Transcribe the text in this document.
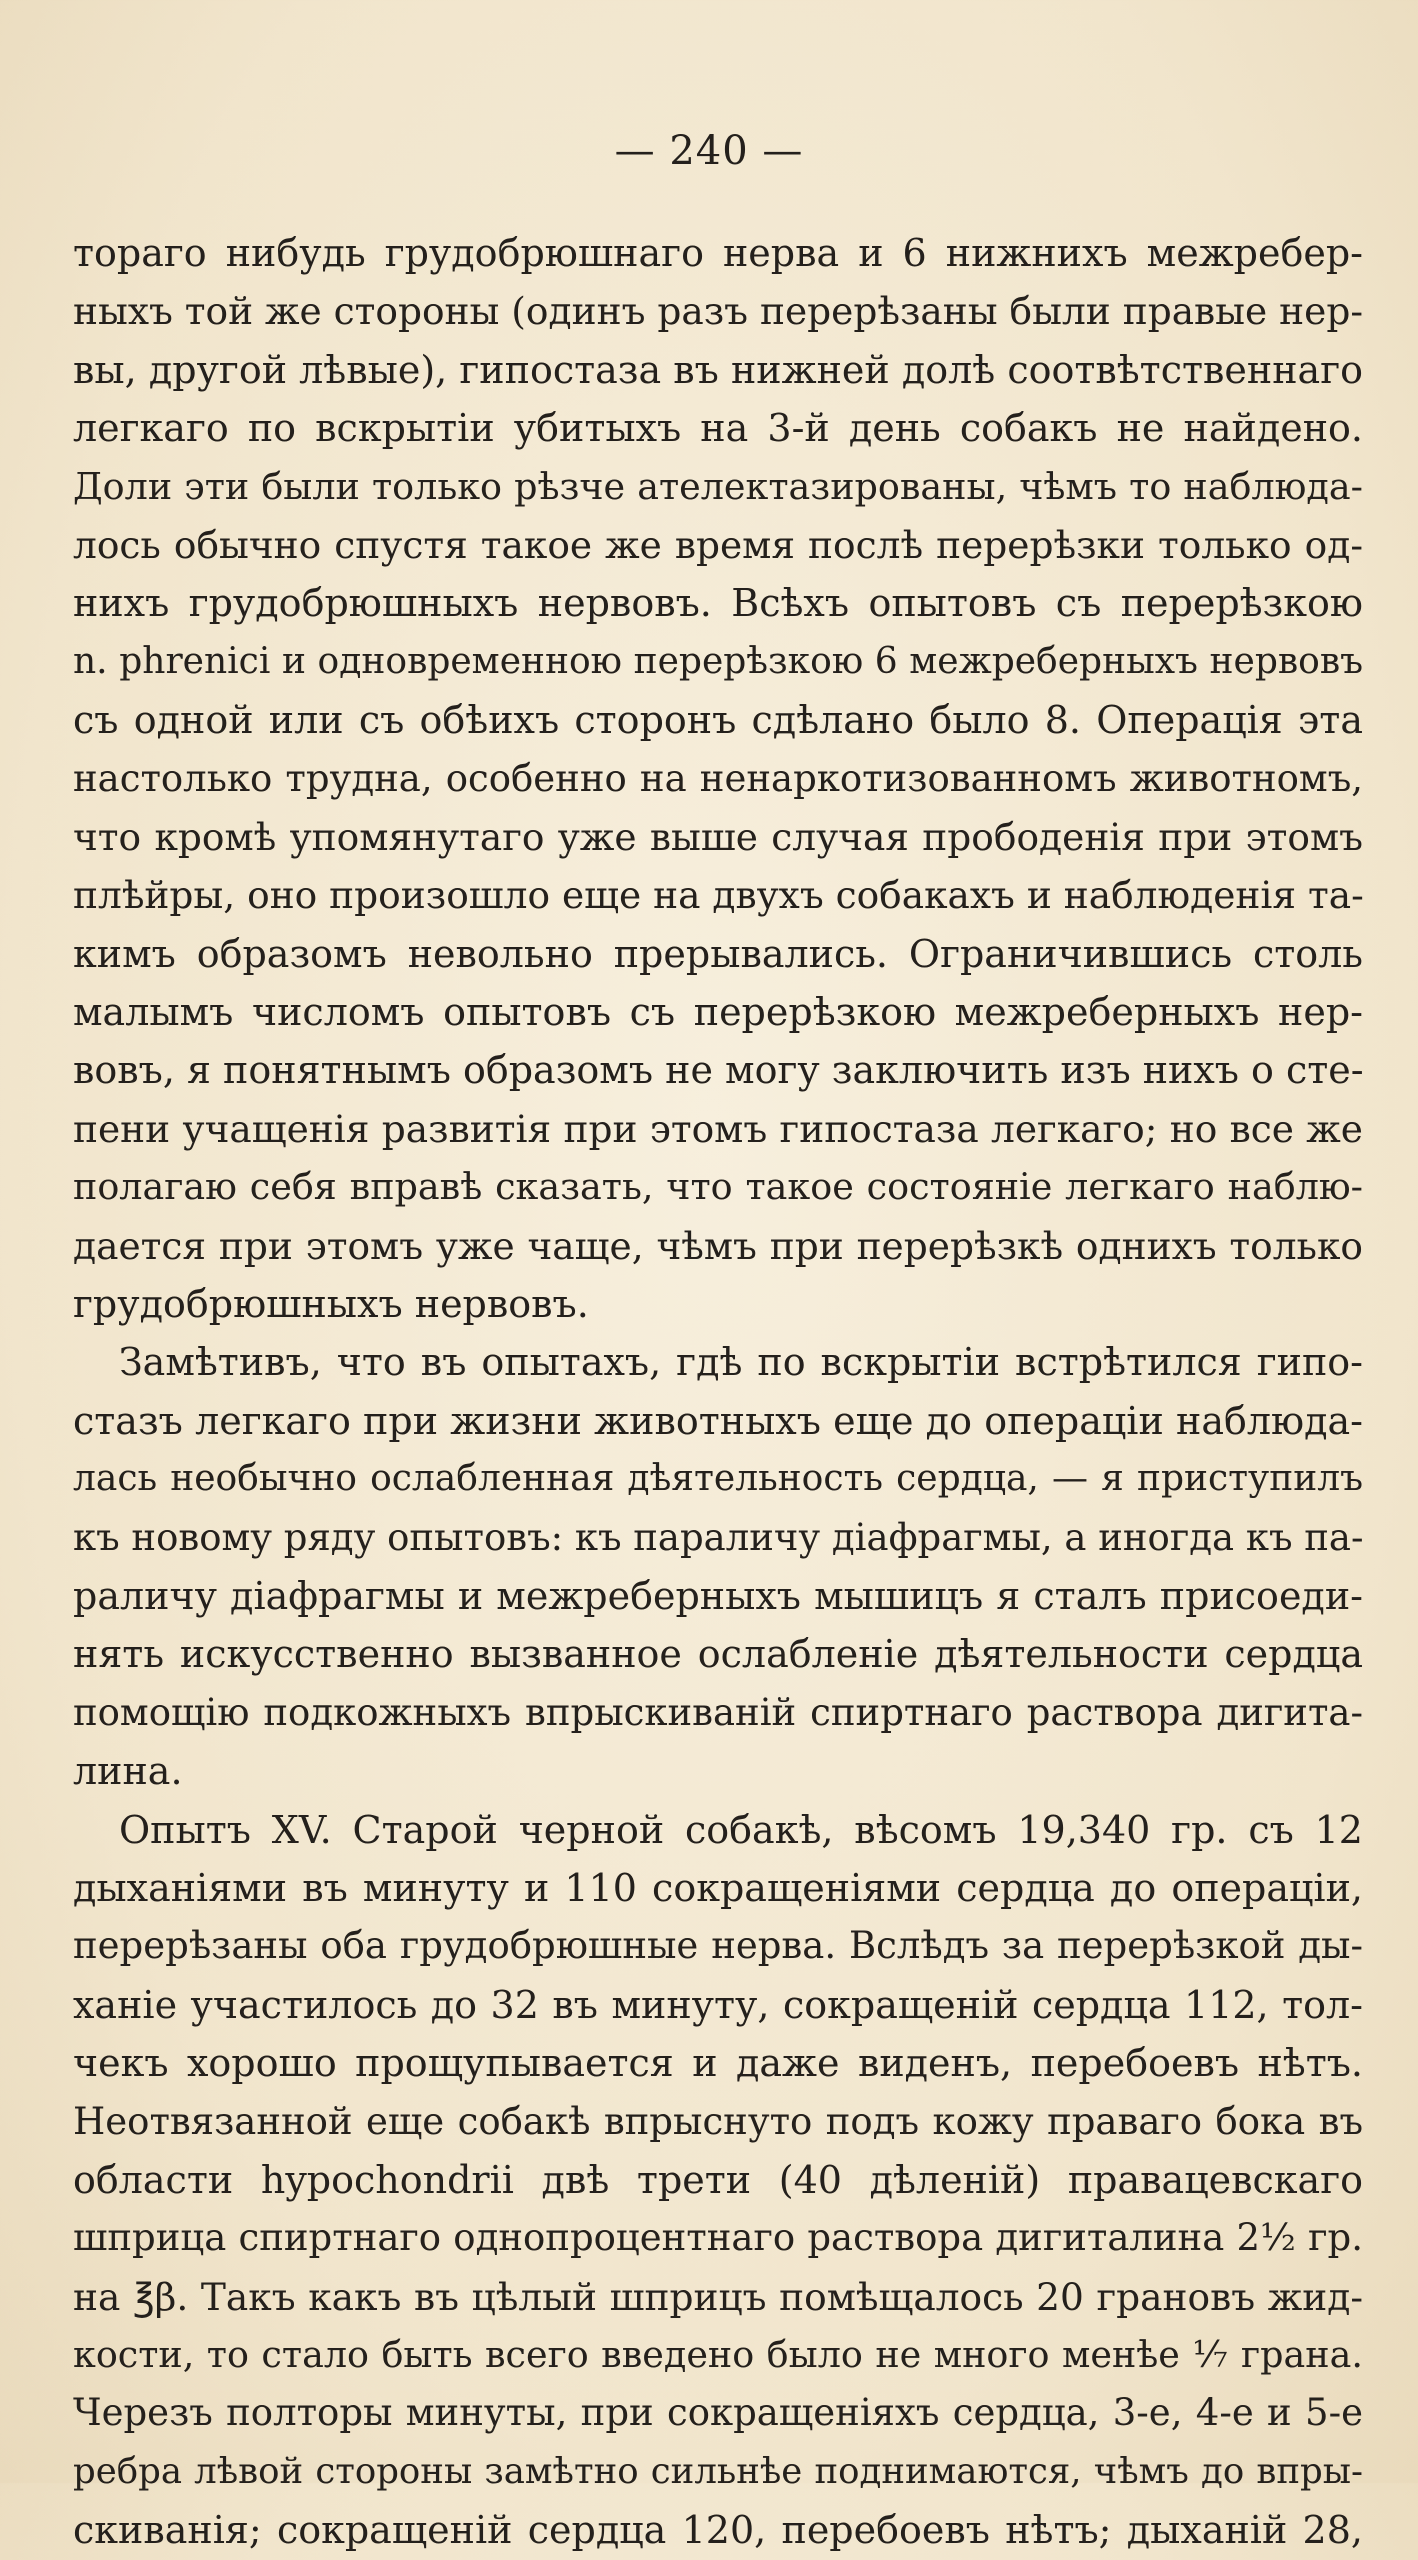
— 240 —
тораго нибудь грудобрюшнаго нерва и 6 нижнихъ межребер-
ныхъ той же стороны (одинъ разъ перерѣзаны были правые нер-
вы, другой лѣвые), гипостаза въ нижней долѣ соотвѣтственнаго
легкаго по вскрытіи убитыхъ на 3-й день собакъ не найдено.
Доли эти были только рѣзче ателектазированы, чѣмъ то наблюда-
лось обычно спустя такое же время послѣ перерѣзки только од-
нихъ грудобрюшныхъ нервовъ. Всѣхъ опытовъ съ перерѣзкою
n. phrenici и одновременною перерѣзкою 6 межреберныхъ нервовъ
съ одной или съ обѣихъ сторонъ сдѣлано было 8. Операція эта
настолько трудна, особенно на ненаркотизованномъ животномъ,
что кромѣ упомянутаго уже выше случая прободенія при этомъ
плѣйры, оно произошло еще на двухъ собакахъ и наблюденія та-
кимъ образомъ невольно прерывались. Ограничившись столь
малымъ числомъ опытовъ съ перерѣзкою межреберныхъ нер-
вовъ, я понятнымъ образомъ не могу заключить изъ нихъ о сте-
пени учащенія развитія при этомъ гипостаза легкаго; но все же
полагаю себя вправѣ сказать, что такое состояніе легкаго наблю-
дается при этомъ уже чаще, чѣмъ при перерѣзкѣ однихъ только
грудобрюшныхъ нервовъ.
Замѣтивъ, что въ опытахъ, гдѣ по вскрытіи встрѣтился гипо-
стазъ легкаго при жизни животныхъ еще до операціи наблюда-
лась необычно ослабленная дѣятельность сердца, — я приступилъ
къ новому ряду опытовъ: къ параличу діафрагмы, а иногда къ па-
раличу діафрагмы и межреберныхъ мышицъ я сталъ присоеди-
нять искусственно вызванное ослабленіе дѣятельности сердца
помощію подкожныхъ впрыскиваній спиртнаго раствора дигита-
лина.
Опытъ XV. Старой черной собакѣ, вѣсомъ 19,340 гр. съ 12
дыханіями въ минуту и 110 сокращеніями сердца до операціи,
перерѣзаны оба грудобрюшные нерва. Вслѣдъ за перерѣзкой ды-
ханіе участилось до 32 въ минуту, сокращеній сердца 112, тол-
чекъ хорошо прощупывается и даже виденъ, перебоевъ нѣтъ.
Неотвязанной еще собакѣ впрыснуто подъ кожу праваго бока въ
области hypochondrii двѣ трети (40 дѣленій) правацевскаго
шприца спиртнаго однопроцентнаго раствора дигиталина 2½ гр.
на ℥β. Такъ какъ въ цѣлый шприцъ помѣщалось 20 грановъ жид-
кости, то стало быть всего введено было не много менѣе ⅐ грана.
Черезъ полторы минуты, при сокращеніяхъ сердца, 3-е, 4-е и 5-е
ребра лѣвой стороны замѣтно сильнѣе поднимаются, чѣмъ до впры-
скиванія; сокращеній сердца 120, перебоевъ нѣтъ; дыханій 28,
